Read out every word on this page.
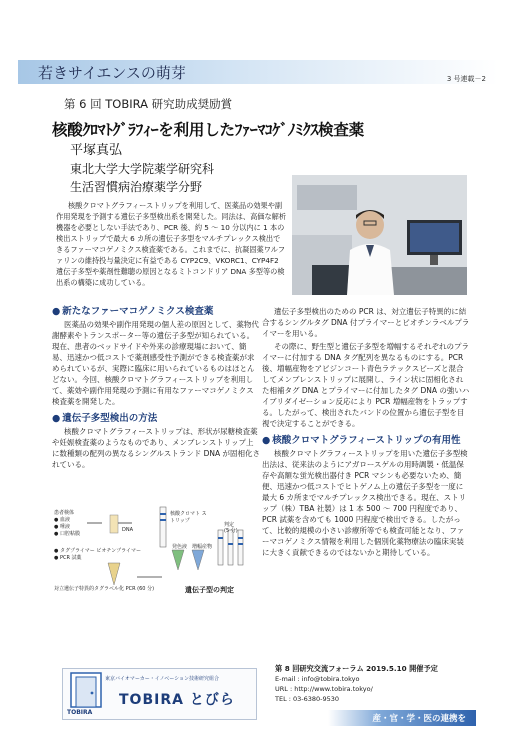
若きサイエンスの萌芽	3 号連載－2
第 6 回 TOBIRA 研究助成奨励賞
核酸ｸﾛﾏﾄｸﾞﾗﾌｨｰを利用したﾌｧｰﾏｺｹﾞﾉﾐｸｽ検査薬
平塚真弘
東北大学大学院薬学研究科
生活習慣病治療薬学分野
核酸クロマトグラフィーストリップを利用して、医薬品の効果や副作用発現を予測する遺伝子多型検出系を開発した。同法は、高価な解析機器を必要としない手法であり、PCR 後、約 5 ～ 10 分以内に 1 本の検出ストリップで最大 6 カ所の遺伝子多型をマルチプレックス検出できるファーマコゲノミクス検査薬である。これまでに、抗凝固薬ワルファリンの維持投与量決定に有益である CYP2C9、VKORC1、CYP4F2 遺伝子多型や薬剤性難聴の原因となるミトコンドリア DNA 多型等の検出系の構築に成功している。
● 新たなファーマコゲノミクス検査薬
医薬品の効果や副作用発現の個人差の原因として、薬物代謝酵素やトランスポーター等の遺伝子多型が知られている。現在、患者のベッドサイドや外来の診療現場において、簡易、迅速かつ低コストで薬剤感受性予測ができる検査薬が求められているが、実際に臨床に用いられているものはほとんどない。今回、核酸クロマトグラフィーストリップを利用して、薬効や副作用発現の予測に有用なファーマコゲノミクス検査薬を開発した。
● 遺伝子多型検出の方法
核酸クロマトグラフィーストリップは、形状が尿糖検査薬や妊娠検査薬のようなものであり、メンブレンストリップ上に数種類の配列の異なるシングルストランド DNA が固相化されている。
患者検体
● 血液
● 唾液
● 口腔粘膜
DNA
核酸クロマト ストリップ
● タグプライマー ビオチンプライマー
● PCR 試薬
発色液 増幅産物
判定
(5 分)
対立遺伝子特異的タグラベル化 PCR (60 分)	遺伝子型の判定
遺伝子多型検出のための PCR は、対立遺伝子特異的に結合するシングルタグ DNA 付プライマーとビオチンラベルプライマーを用いる。
その際に、野生型と遺伝子多型を増幅するそれぞれのプライマーに付加する DNA タグ配列を異なるものにする。PCR 後、増幅産物をアビジンコート青色ラテックスビーズと混合してメンブレンストリップに展開し、ライン状に固相化された相補タグ DNA とプライマーに付加したタグ DNA の強いハイブリダイゼーション反応により PCR 増幅産物をトラップする。したがって、検出されたバンドの位置から遺伝子型を目視で決定することができる。
● 核酸クロマトグラフィーストリップの有用性
核酸クロマトグラフィーストリップを用いた遺伝子多型検出法は、従来法のようにアガロースゲルの用時調製・低温保存や高額な蛍光検出器付き PCR マシンも必要ないため、簡便、迅速かつ低コストでヒトゲノム上の遺伝子多型を一度に最大 6 カ所までマルチプレックス検出できる。現在、ストリップ（株）TBA 社製）は 1 本 500 ～ 700 円程度であり、PCR 試薬を含めても 1000 円程度で検出できる。したがって、比較的規模の小さい診療所等でも検査可能となり、ファーマコゲノミクス情報を利用した個別化薬物療法の臨床実装に大きく貢献できるのではないかと期待している。
TOBIRA
東京バイオマーカー・イノベーション技術研究組合
TOBIRA とびら
第 8 回研究交流フォーラム 2019.5.10 開催予定
E-mail : info@tobira.tokyo
URL : http://www.tobira.tokyo/
TEL : 03-6380-9530
産・官・学・医の連携を
